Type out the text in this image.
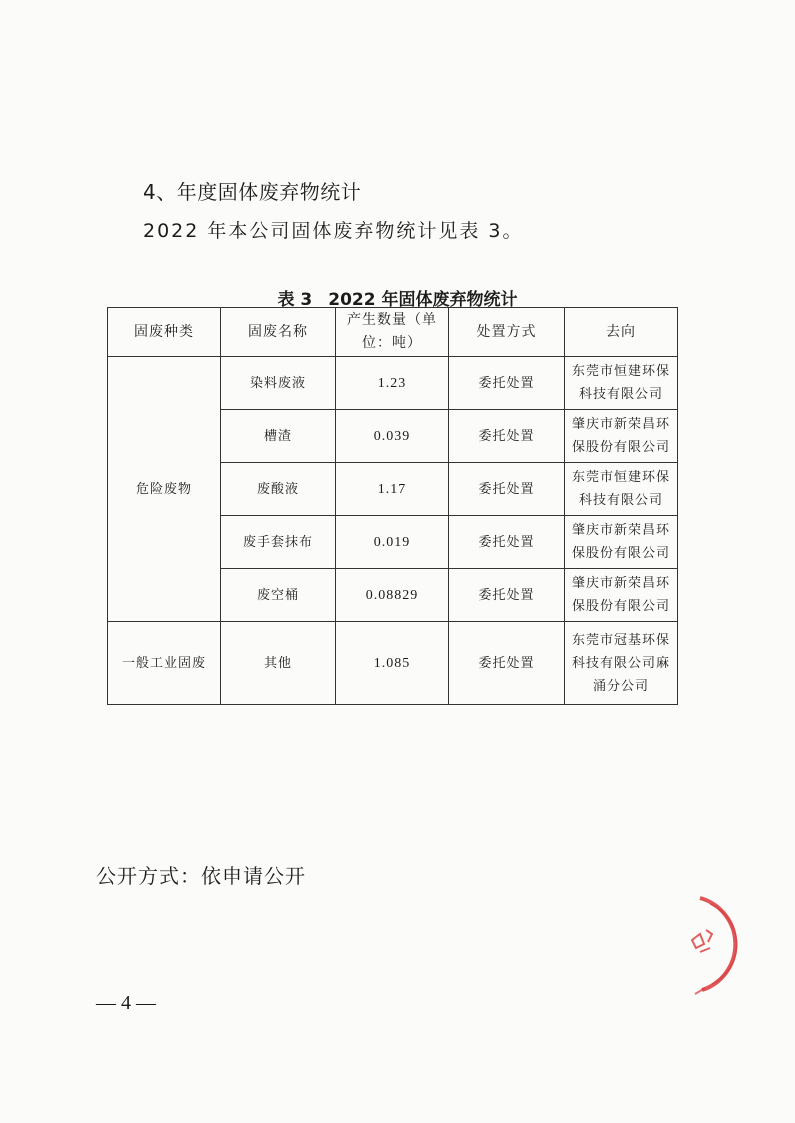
4、年度固体废弃物统计
2022 年本公司固体废弃物统计见表 3。
表 3 2022 年固体废弃物统计
固废种类	固废名称	产生数量（单位：吨）	处置方式	去向
危险废物	染料废液	1.23	委托处置	东莞市恒建环保科技有限公司
	槽渣	0.039	委托处置	肇庆市新荣昌环保股份有限公司
	废酸液	1.17	委托处置	东莞市恒建环保科技有限公司
	废手套抹布	0.019	委托处置	肇庆市新荣昌环保股份有限公司
	废空桶	0.08829	委托处置	肇庆市新荣昌环保股份有限公司
一般工业固废	其他	1.085	委托处置	东莞市冠基环保科技有限公司麻涌分公司
公开方式：依申请公开
— 4 —
